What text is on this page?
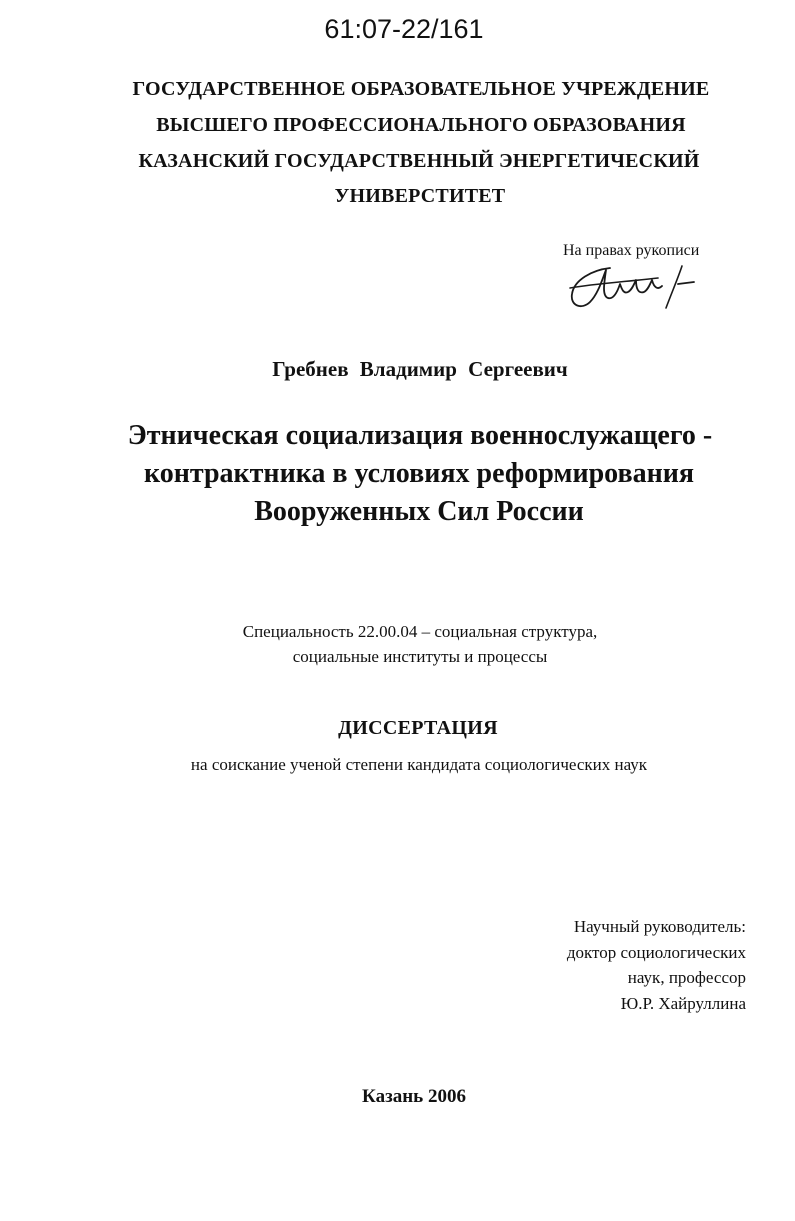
61:07-22/161
ГОСУДАРСТВЕННОЕ ОБРАЗОВАТЕЛЬНОЕ УЧРЕЖДЕНИЕ
ВЫСШЕГО ПРОФЕССИОНАЛЬНОГО ОБРАЗОВАНИЯ
КАЗАНСКИЙ ГОСУДАРСТВЕННЫЙ ЭНЕРГЕТИЧЕСКИЙ
УНИВЕРСТИТЕТ
На правах рукописи
Гребнев Владимир Сергеевич
Этническая социализация военнослужащего -
контрактника в условиях реформирования
Вооруженных Сил России
Специальность 22.00.04 – социальная структура,
социальные институты и процессы
ДИССЕРТАЦИЯ
на соискание ученой степени кандидата социологических наук
Научный руководитель:
доктор социологических
наук, профессор
Ю.Р. Хайруллина
Казань 2006
